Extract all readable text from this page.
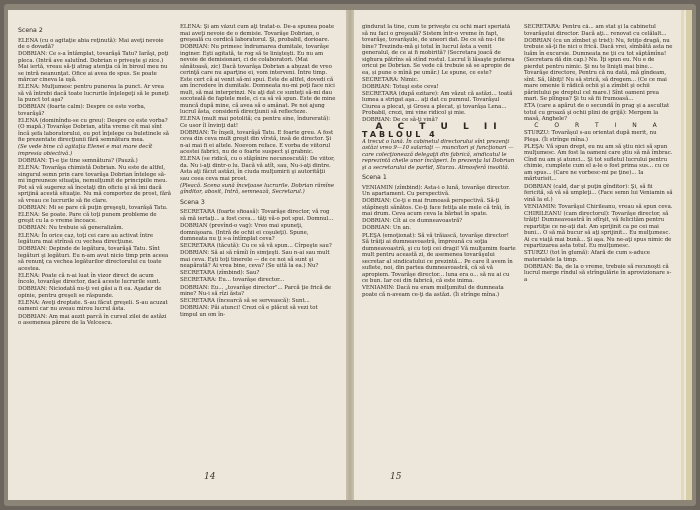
Scena 2

ELENA (cu o agitaţie abia reţinută): Mai aveţi nevoie de o dovadă?

DOBRIAN: Ce s-a întâmplat, tovarăşă Tatu? Iarăşi, poţi pleca. (Intră ave salutînd. Dobrian o priveşte şi zice.) Mai iertă, vreau să-ţi atrag atenţia că în biroul meu nu se intră neanunţat. Ofice ai avea de spus. Se poate mărcar cineva la uşă.

ELENA: Mulţumesc pentru punerea la punct. Ar vrea să vă întrebi dacă toate lucrurile înţelegeţi să le puneţi la punct tot aşa?

DOBRIAN (foarte calm): Despre ce este vorba, tovarăşă?

ELENA (dominîndu-se cu greu): Despre ce este vorba? (O mapă.) Tovarăşe Dobrian, atîta vreme cît mai sînt încă şefa laboratorului, eu pot înţelege ca buletinele să fie prezentate direcţiunii fără semnătura mea.

(Se vede bine că agitaţia Elenei e mai mare decît impresia obiectivă.)

DOBRIAN: Ţi-e ţie tine semnătura? (Pauză.)

ELENA: Tovarăşa chimistă Dobrian. Nu este de altfel, singurul semn prin care tovarăşa Dobrian întelege să-mi îngreuneze situaţia, nemulţumit de principiile meu. Pot să vă sugerez să încetaţi din oficiu şi să îmi dacă sprijină acestă situaţie. Nu mă comportez de prost, fără să vreau ce lucrurile să fie clare.

DOBRIAN: Mi se pare că puţin greşeşti, tovarăşă Tatu.

ELENA: Se poate. Pare că toţi punem probleme de greşit cu la o vreme încoace.

DOBRIAN: Nu trebuie să generalizăm.

ELENA: În orice caz, toţi cei care au activat între legătura mai strînsă cu vechea direcţiune.

DOBRIAN: Depinde de legătura, tovarăşă Tatu. Sînt legături şi legături. Eu n-am avut nicio timp prin aceea să renunţ ca vechea legăturilor directorului cu toate acestea.

ELENA: Poate că n-ai luat în vizor direct de acum încolo, tovarăşe director, dacă aceste lucrurile sunt.

DOBRIAN: Niciodată nu-ţi vei găsi a fi ea. Aşadar de opinie, pentru greşeli se răspunde.

ELENA: Aveţi dreptate. S-au făcut greşeli. S-au acuzat oameni car nu aveau mirou lucrul ăsta.

DOBRIAN: Am mai auzit parcă în cursul zilei de astăzi o asemenea părere de la Velcescu.

ELENA: Şi am văzut cum aţi tratat-o. De-a spunea poate mai aveţi nevoie de o demisie. Tovarăşe Dobrian, o greşeală cu cerdică laboratorul. Şi, probabil, dorioare.

DOBRIAN: Nu primesc îndrumarea dumitale, tovarăşe inginer. Eşti agitată, te rog să te linişteşti. Eu nu am nevoie de demisionari, ci de colaboratori. (Mai sănătoasă, zic) Dacă tovarăşa Dobrian a abuzat de vreo cerinţă care nu aparţine ei, vom interveni. Între timp. Este cert că ai venit să-mi spui. Este de altfel, dovedi că am încredere în dumitale. Domneata nu-mi poţi face nici mult, să mai interprinzi. Nu aţi dat ce sunteţi să-mi dau socoteală de faptele mele, ci ca să vă spun. Este de mine muncă după mine, că avea să o amânat. Pe noi ajung lucrul ăsta, consideră direcţiunii să reflecteze.

ELENA (mult mai potolită; cu pentru sine, îndurerată): Ce usor îl învinţi dat!

DOBRIAN: Te înşeli, tovarăşă Tatu. E foarte greu. A fost ceva din ceva mult greşit din vîrstă, insă de director. Şi n-ai mai fi ei altele. Noevom reface. E vorba de viitorul acestei fabrici, nu de o foarte suspect şi grabnic.

ELENA (se ridică, cu o stăpînire necunoscută): De viitor, da. Nu i-aţi dintr-o lu. Dacă vă atît, sau, Nu-i-aţi dintre. Asta aţi făcut astăzi, în ciuda mulţumirii şi autorităţii sau ceea ceva mai prost.

(Pleacă. Scena sună înceţoase lucrurile. Dobrian rămîne gînditor, abosit, Intră, semnează, Secretarul.)

Scena 3

SECRETARA (foarte sfioasă): Tovarăşe director, vă rog să mă iertaţi... a fost ceva... tăţi vă-o pot spui. Domnul...

DOBRIAN (prevînd-o vag): Vreo mai spuneţi, domnişoara. (Intră de ochii ei coşuleţi). Spune, dumneata nu ţi s-a întîmplat ceva?

SECRETARA (tăcută): Cu ce să vă spun... Cîrpeşte sau?

DOBRIAN: Să ai să rămîi în simţeşti. Sau n-ai sau mult mai ceva. Eşti toţi tinerele — de ce noi să sunt şi neapărată? Ai vrea bine, ceva? (Se uită la ea.) Nu?

SECRETARA (zîmbind): Sau?

SECRETARA: Eu... tovarăşe director...

DOBRIAN: Eu... „tovarăşe director"... Parcă ţie frică de mine? Nu-i să rîzi ăsta?

SECRETARA (încearcă să se servească): Sunt...

DOBRIAN: Păi atunci! Crezi că e plăcut să vezi tot timpul un om în-

14

gîndurat la tine, cum te priveşte cu ochi mari speriată să nu faci o greşeală? Sistem într-o vreme în fapt, tovarăşe, tovarăşule, de uneori dat. De ce să nu-i fie bine? Trezindu-mă şi totul în lucrul ăsta a venit generalul, de ce ai fi mobirită? (Secretara joacă de sighura pătrîns să stînd rostul. Lucrul îi lăsaşte puterea oricui pe Dobrian. Se vede că trebuie să se apropie de ea, și pune o mînă pe umăr.) Le spune, ce este?

SECRETARA: Nimic.

DOBRIAN: Totuşi este ceva!

SECRETARA (după ezitare): Am văzut că astăzi... toată lumea a strigat aşa... aţi dat cu pumnul. Tovarăşul Ciurea a plecat, şi Grosu a plecat, şi tovarăşa Lena... Probabil, crezi, imi vine ridicol şi mie.

DOBRIAN: De ce să-ţi vină?

A C T U L II

TABLOUL 4

A trecut o lună. În cabinetul directorului sînt prezenţi astăzi vreo 9—10 salariaţi — muncitori şi funcţionari — care colecţionează delegaţii din fabrică, sindicatul le reprezintă cheile unor încăperi. În prezenţa lui Dobrian şi a secretarului de partid, Sturzu. Atmosferă insolită.

Scena 1

VENIAMIN (zîmbind): Asta-i o lună, tovarăşe director. Un apartament. Cu perspectivă.

DOBRIAN: Ce-ţi e mai frumoasă perspectivă. Să-ţi stăpîneşti sănătos. Ce-ţi face fetiţa ale mele că trăi, în mai drum. Ceva acum ceva la bărbat în spate.

DOBRIAN: Cît ai ce dumneavoastră?

DOBRIAN: Un an.

PLEŞA (emoţionat): Să vă trăiască, tovarăşe director! Să trăiţi ai dumneavoastră, împreună cu soţia dumneavoastră, şi cu toţi cei dragi! Vă mulţumim foarte mult pentru această zi, de asemenea tovarăşului secretar al sindicatului ce prezintă... Pe care îl avem în suflete, noi, din partea dumneavoastră, că să vă apropiem. Tovarăşe director... luna era o... să nu ai cu ce bun. Iar cei din fabrică, că este inima.

VENIAMIN: Dacă nu eram mulţumitul de dumneata poate că n-aveam ce-ţi da astăzi. (Îi strînge mîna.)

SECRETARA: Pentru că... am stat şi la cabinetul tovarăşului director. Dacă aţi... renovat cu celălalt...

DOBRIAN (cu un zîmbet şi trist): Nu, fetiţo dragă, nu trebuie să-ţi fie nici o frică. Dacă vrei, sîmbătă asta ne luăm în excursie. Dumneata ne ţii cu tot săptămîna! (Secretara dă din cap.) Nu. Îţi spun eu. Nu e de pierdut pentru nimic. Şi nu te linişti mai bine... Tovarăşe directore, Pentru că nu dată, mă gîndeam, sînt. Să, lăbiţi! Nu să strică, să dregem... (Ce ce mai mare omenie îi rădică ochii şi a zîmbit şi ochii părintului pe dreptul cel mare.) Sînt oameni prea mari. Se plîngea? Şi tu să fii frumoasă...

ETA (care a apărut de o secundă în prag şi a ascultat totul cu groază şi ochii plini de grijă): Mergem la masă, Anghele?

C O R T I N A

STURZU: Tovarăşul s-au orientat după merit, nu Pleşa. (Îi strînge mîna.)

PLEŞA: Vă spun drept, eu nu am să ştiu nici să spun mulţumesc. Am fost la oameni care ştiu să mă îmbrac. Cînd nu am şi atunci... Şi tot sufletul lucrului pentru chimie, cumplete cum el a-le o fost prima sus... cu ce am spus... (Care ne vorbesc-mi pe ţine)... Ia mărturisit...

DOBRIAN (cald, dar şi puţin gînditor): Şi, să fii fericită, să vă să umpleţi... (Face semn lui Veniamin să vină la el.)

VENIAMIN: Tovarăşul Chirileanu, vreau să spun ceva.

CHIRILEANU (cam directorul): Tovarăşe director, să trăiţi! Dumneavoastră în sfîrşit, vă felicităm pentru repartiţie ce ne-aţi dat. Am sprijinit ca pe cei mai buni... O să mă bucur să aţi sprijinit... Eu mulţumesc. Ai cu viaţă mai bună... Şi aşa. Nu ne-aţi spus nimic de repartizarea asta totul. Eu mulţumesc.

STURZU (tot în glumă): Afară de cum s-aduce materialele la timp.

DOBRIAN: Ba, de la o vreme, trebuie să recunoşti că lucrul merge rîndul să strîngulărie în aprovizionare s-a

15
